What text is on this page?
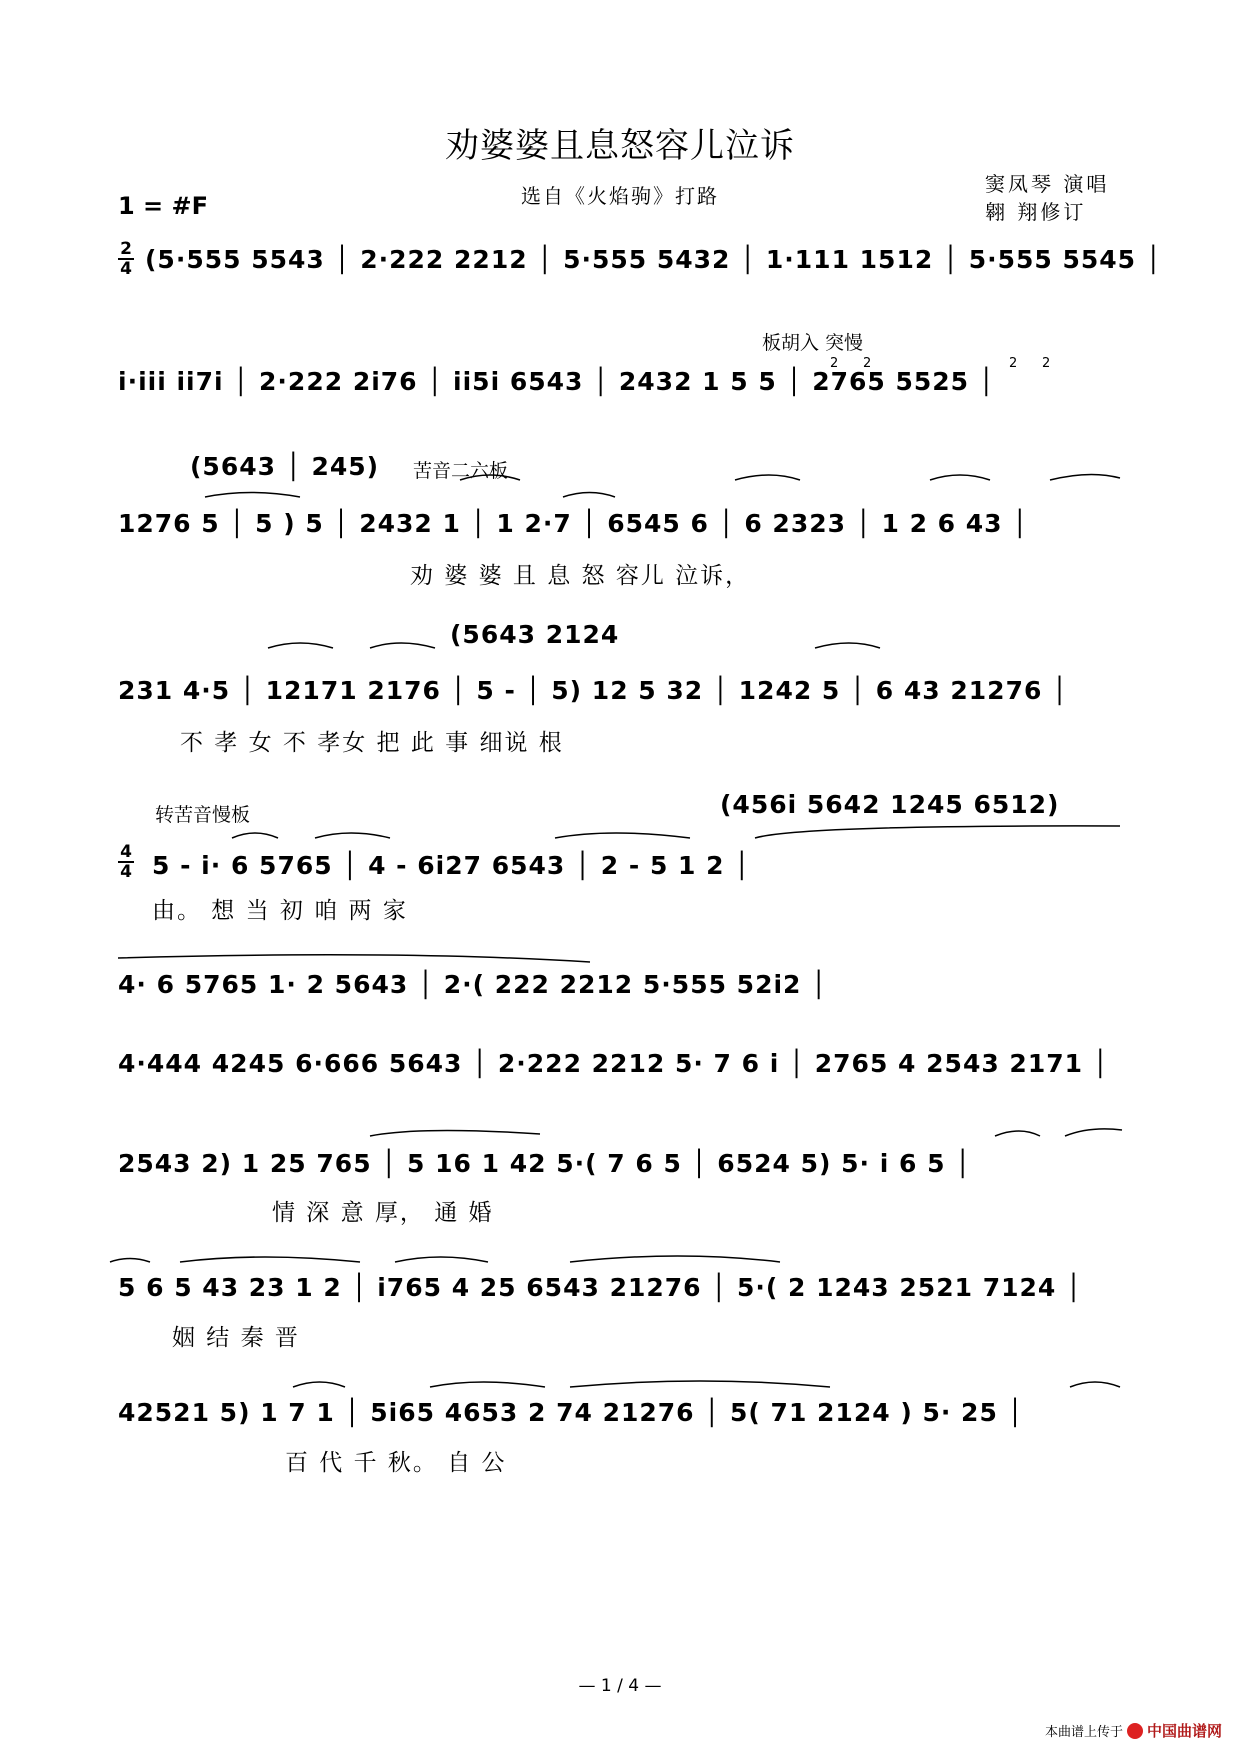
劝婆婆且息怒容儿泣诉
选自《火焰驹》打路	窦凤琴 演唱
翱 翔修订
1 = #F
2
4
4
4
板胡入 突慢
苦音二六板
转苦音慢板
(5643 │ 245)
(5643 2124
(456i 5642 1245 6512)
2 2	2 2
(5·555 5543 │ 2·222 2212 │ 5·555 5432 │ 1·111 1512 │ 5·555 5545 │
i·iii ii7i │ 2·222 2i76 │ ii5i 6543 │ 2432 1 5 5 │ 2765 5525 │
1276 5 │ 5 ) 5 │ 2432 1 │ 1 2·7 │ 6545 6 │ 6 2323 │ 1 2 6 43 │
劝 婆 婆 且 息 怒 容儿 泣诉，
231 4·5 │ 12171 2176 │ 5 - │ 5) 12 5 32 │ 1242 5 │ 6 43 21276 │
不 孝 女 不 孝女 把 此 事 细说 根
5 - i· 6 5765 │ 4 - 6i27 6543 │ 2 - 5 1 2 │
由。 想 当 初 咱 两 家
4· 6 5765 1· 2 5643 │ 2·( 222 2212 5·555 52i2 │
4·444 4245 6·666 5643 │ 2·222 2212 5· 7 6 i │ 2765 4 2543 2171 │
2543 2) 1 25 765 │ 5 16 1 42 5·( 7 6 5 │ 6524 5) 5· i 6 5 │
情 深 意 厚， 通 婚
5 6 5 43 23 1 2 │ i765 4 25 6543 21276 │ 5·( 2 1243 2521 7124 │
姻 结 秦 晋
42521 5) 1 7 1 │ 5i65 4653 2 74 21276 │ 5( 71 2124 ) 5· 25 │
百 代 千 秋。 自 公
— 1 / 4 —
本曲谱上传于 中国曲谱网
